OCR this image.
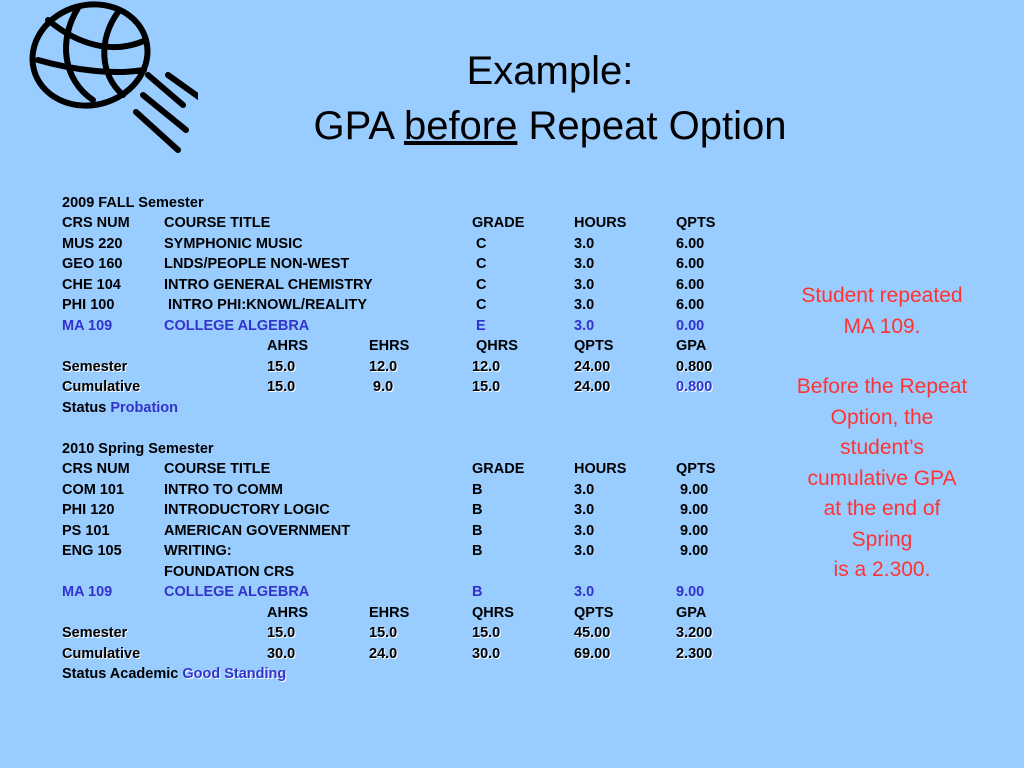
Example:
GPA before Repeat Option
2009 FALL Semester
CRS NUM COURSE TITLE	GRADE	HOURS	QPTS
MUS 220	SYMPHONIC MUSIC	C	3.0	6.00
GEO 160	LNDS/PEOPLE NON-WEST	C	3.0	6.00
CHE 104	INTRO GENERAL CHEMISTRY	C	3.0	6.00
PHI 100	INTRO PHI:KNOWL/REALITY	C	3.0	6.00
MA 109	COLLEGE ALGEBRA	E	3.0	0.00
AHRS	EHRS	QHRS	QPTS	GPA
Semester	15.0	12.0	12.0	24.00	0.800
Cumulative	15.0	9.0	15.0	24.00	0.800
Status Probation
2010 Spring Semester
CRS NUM COURSE TITLE	GRADE	HOURS	QPTS
COM 101	INTRO TO COMM	B	3.0	9.00
PHI 120	INTRODUCTORY LOGIC	B	3.0	9.00
PS 101	AMERICAN GOVERNMENT	B	3.0	9.00
ENG 105	WRITING:	B	3.0	9.00
FOUNDATION CRS
MA 109	COLLEGE ALGEBRA	B	3.0	9.00
AHRS	EHRS	QHRS	QPTS	GPA
Semester	15.0	15.0	15.0	45.00	3.200
Cumulative	30.0	24.0	30.0	69.00	2.300
Status Academic Good Standing

Student repeated

MA 109.

Before the Repeat

Option, the

student’s

cumulative GPA

at the end of

Spring

is a 2.300.
